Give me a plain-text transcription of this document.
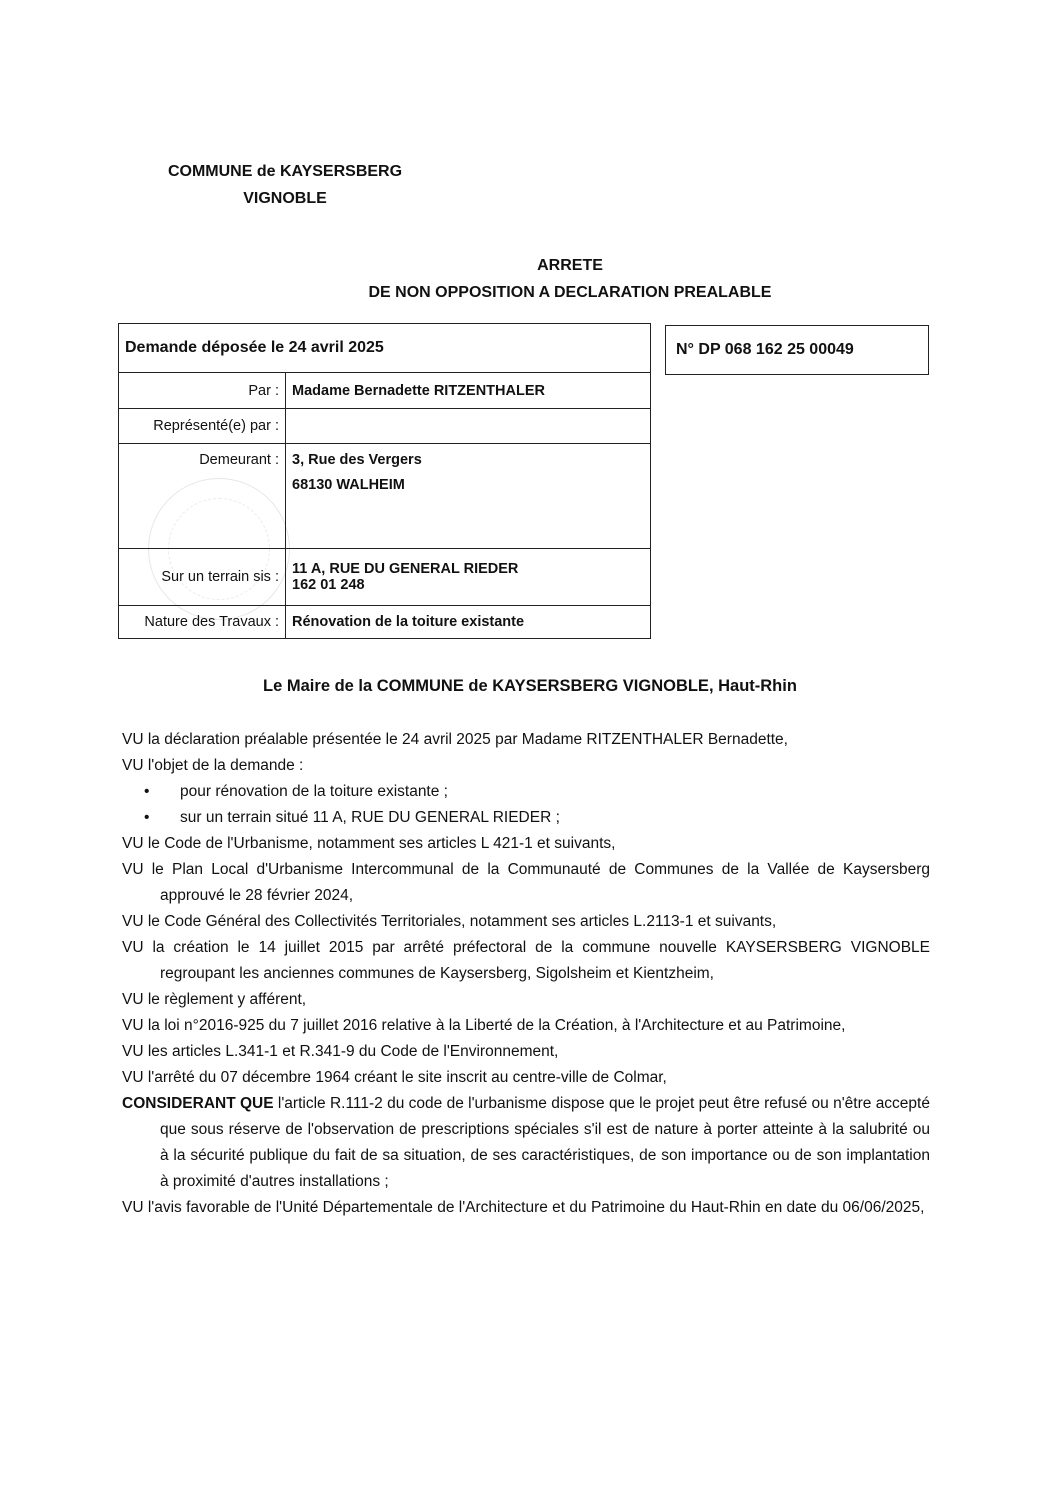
COMMUNE de KAYSERSBERG
VIGNOBLE
ARRETE
DE NON OPPOSITION A DECLARATION PREALABLE
Demande déposée le 24 avril 2025	
Par :	Madame Bernadette RITZENTHALER
Représenté(e) par :	
Demeurant :	3, Rue des Vergers
68130 WALHEIM

Sur un terrain sis :	11 A, RUE DU GENERAL RIEDER
162 01 248

Nature des Travaux :	Rénovation de la toiture existante
N° DP 068 162 25 00049
Le Maire de la COMMUNE de KAYSERSBERG VIGNOBLE, Haut-Rhin

VU la déclaration préalable présentée le 24 avril 2025 par Madame RITZENTHALER Bernadette,

VU l'objet de la demande :

• pour rénovation de la toiture existante ;

• sur un terrain situé 11 A, RUE DU GENERAL RIEDER ;

VU le Code de l'Urbanisme, notamment ses articles L 421-1 et suivants,

VU le Plan Local d'Urbanisme Intercommunal de la Communauté de Communes de la Vallée de Kaysersberg approuvé le 28 février 2024,

VU le Code Général des Collectivités Territoriales, notamment ses articles L.2113-1 et suivants,

VU la création le 14 juillet 2015 par arrêté préfectoral de la commune nouvelle KAYSERSBERG VIGNOBLE regroupant les anciennes communes de Kaysersberg, Sigolsheim et Kientzheim,

VU le règlement y afférent,

VU la loi n°2016-925 du 7 juillet 2016 relative à la Liberté de la Création, à l'Architecture et au Patrimoine,

VU les articles L.341-1 et R.341-9 du Code de l'Environnement,

VU l'arrêté du 07 décembre 1964 créant le site inscrit au centre-ville de Colmar,

CONSIDERANT QUE l'article R.111-2 du code de l'urbanisme dispose que le projet peut être refusé ou n'être accepté que sous réserve de l'observation de prescriptions spéciales s'il est de nature à porter atteinte à la salubrité ou à la sécurité publique du fait de sa situation, de ses caractéristiques, de son importance ou de son implantation à proximité d'autres installations ;

VU l'avis favorable de l'Unité Départementale de l'Architecture et du Patrimoine du Haut-Rhin en date du 06/06/2025,
